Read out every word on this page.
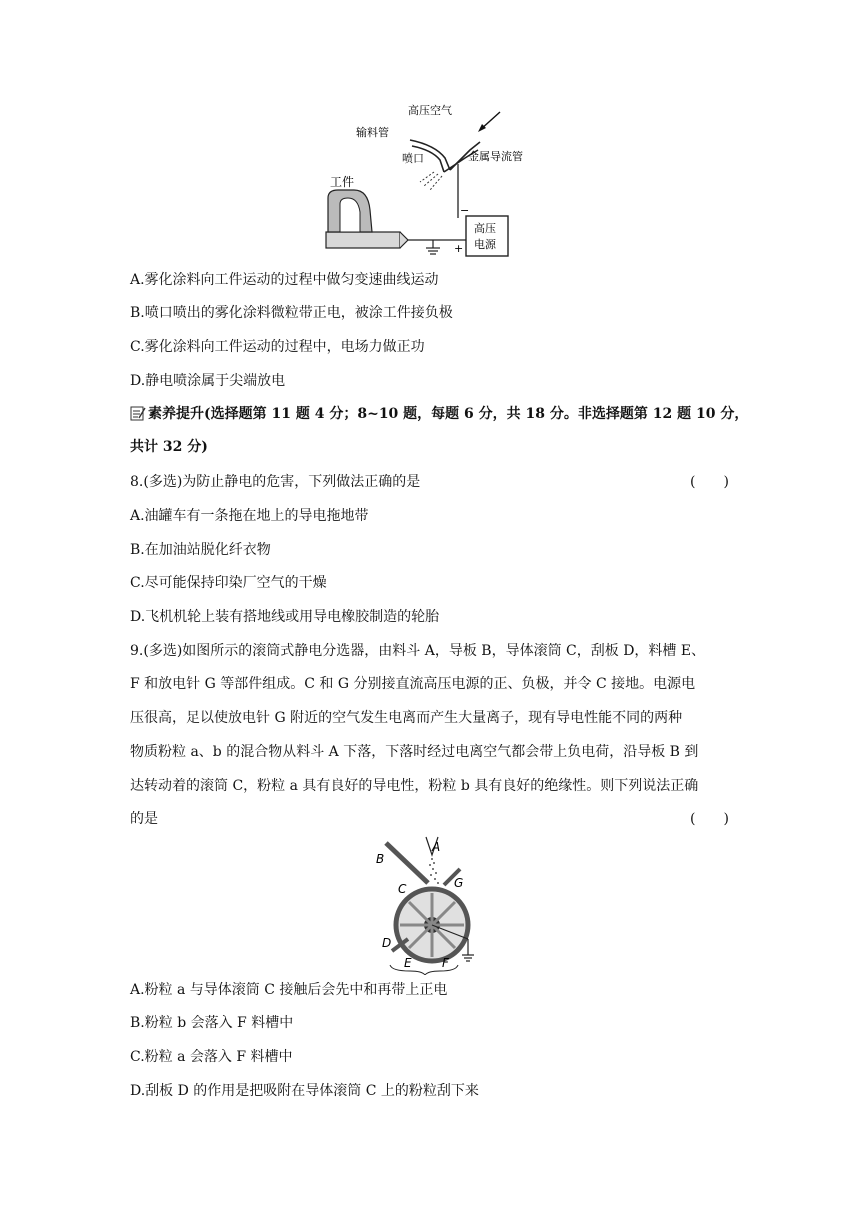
高压空气
输料管
喷口	金属导流管
工件
高压
电源
−
+
A.雾化涂料向工件运动的过程中做匀变速曲线运动
B.喷口喷出的雾化涂料微粒带正电，被涂工件接负极
C.雾化涂料向工件运动的过程中，电场力做正功
D.静电喷涂属于尖端放电
素养提升(选择题第 11 题 4 分；8~10 题，每题 6 分，共 18 分。非选择题第 12 题 10 分，
共计 32 分)
8.(多选)为防止静电的危害，下列做法正确的是	(　　)
A.油罐车有一条拖在地上的导电拖地带
B.在加油站脱化纤衣物
C.尽可能保持印染厂空气的干燥
D.飞机机轮上装有搭地线或用导电橡胶制造的轮胎
9.(多选)如图所示的滚筒式静电分选器，由料斗 A，导板 B，导体滚筒 C，刮板 D，料槽 E、
F 和放电针 G 等部件组成。C 和 G 分别接直流高压电源的正、负极，并令 C 接地。电源电
压很高，足以使放电针 G 附近的空气发生电离而产生大量离子，现有导电性能不同的两种
物质粉粒 a、b 的混合物从料斗 A 下落，下落时经过电离空气都会带上负电荷，沿导板 B 到
达转动着的滚筒 C，粉粒 a 具有良好的导电性，粉粒 b 具有良好的绝缘性。则下列说法正确
的是	(　　)
A
B
C
D
E	F
G
A.粉粒 a 与导体滚筒 C 接触后会先中和再带上正电
B.粉粒 b 会落入 F 料槽中
C.粉粒 a 会落入 F 料槽中
D.刮板 D 的作用是把吸附在导体滚筒 C 上的粉粒刮下来
